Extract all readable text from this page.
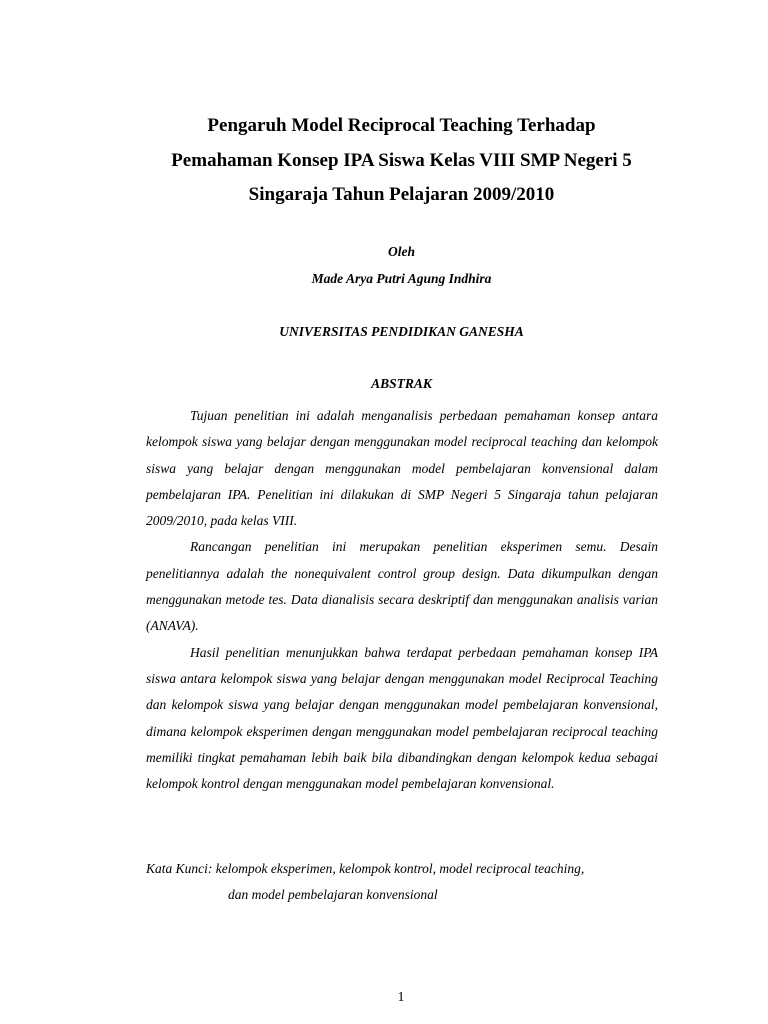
Pengaruh Model Reciprocal Teaching Terhadap
Pemahaman Konsep IPA Siswa Kelas VIII SMP Negeri 5
Singaraja Tahun Pelajaran 2009/2010
Oleh
Made Arya Putri Agung Indhira
UNIVERSITAS PENDIDIKAN GANESHA
ABSTRAK

Tujuan penelitian ini adalah menganalisis perbedaan pemahaman konsep antara kelompok siswa yang belajar dengan menggunakan model reciprocal teaching dan kelompok siswa yang belajar dengan menggunakan model pembelajaran konvensional dalam pembelajaran IPA. Penelitian ini dilakukan di SMP Negeri 5 Singaraja tahun pelajaran 2009/2010, pada kelas VIII.

Rancangan penelitian ini merupakan penelitian eksperimen semu. Desain penelitiannya adalah the nonequivalent control group design. Data dikumpulkan dengan menggunakan metode tes. Data dianalisis secara deskriptif dan menggunakan analisis varian (ANAVA).

Hasil penelitian menunjukkan bahwa terdapat perbedaan pemahaman konsep IPA siswa antara kelompok siswa yang belajar dengan menggunakan model Reciprocal Teaching dan kelompok siswa yang belajar dengan menggunakan model pembelajaran konvensional, dimana kelompok eksperimen dengan menggunakan model pembelajaran reciprocal teaching memiliki tingkat pemahaman lebih baik bila dibandingkan dengan kelompok kedua sebagai kelompok kontrol dengan menggunakan model pembelajaran konvensional.

Kata Kunci: kelompok eksperimen, kelompok kontrol, model reciprocal teaching,
dan model pembelajaran konvensional
1
